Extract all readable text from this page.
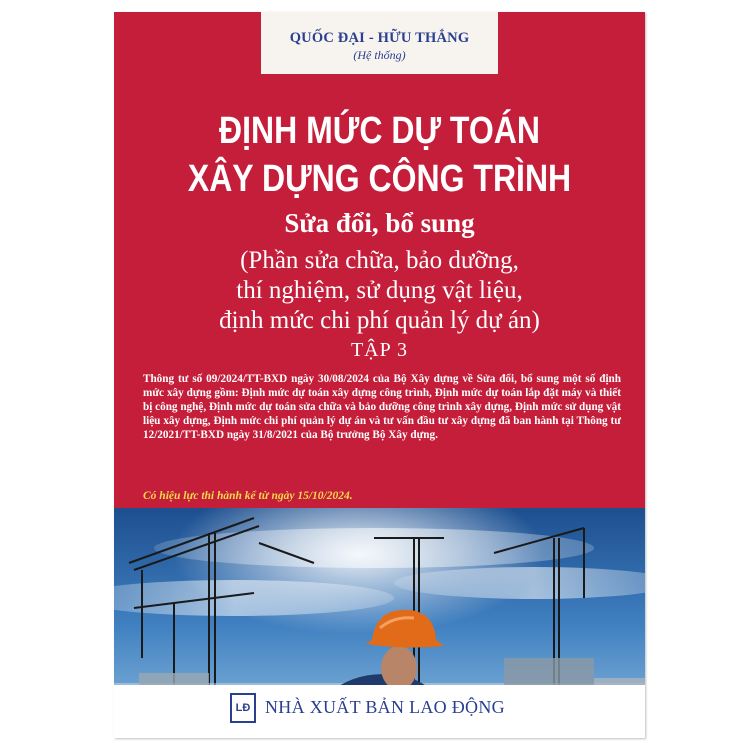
QUỐC ĐẠI - HỮU THẮNG
(Hệ thống)
ĐỊNH MỨC DỰ TOÁN
XÂY DỰNG CÔNG TRÌNH
Sửa đổi, bổ sung
(Phần sửa chữa, bảo dưỡng,
thí nghiệm, sử dụng vật liệu,
định mức chi phí quản lý dự án)
TẬP 3
Thông tư số 09/2024/TT-BXD ngày 30/08/2024 của Bộ Xây dựng về Sửa đổi, bổ sung một số định mức xây dựng gồm: Định mức dự toán xây dựng công trình, Định mức dự toán lắp đặt máy và thiết bị công nghệ, Định mức dự toán sửa chữa và bảo dưỡng công trình xây dựng, Định mức sử dụng vật liệu xây dựng, Định mức chi phí quản lý dự án và tư vấn đầu tư xây dựng đã ban hành tại Thông tư 12/2021/TT-BXD ngày 31/8/2021 của Bộ trưởng Bộ Xây dựng.
Có hiệu lực thi hành kể từ ngày 15/10/2024.
LĐ NHÀ XUẤT BẢN LAO ĐỘNG
